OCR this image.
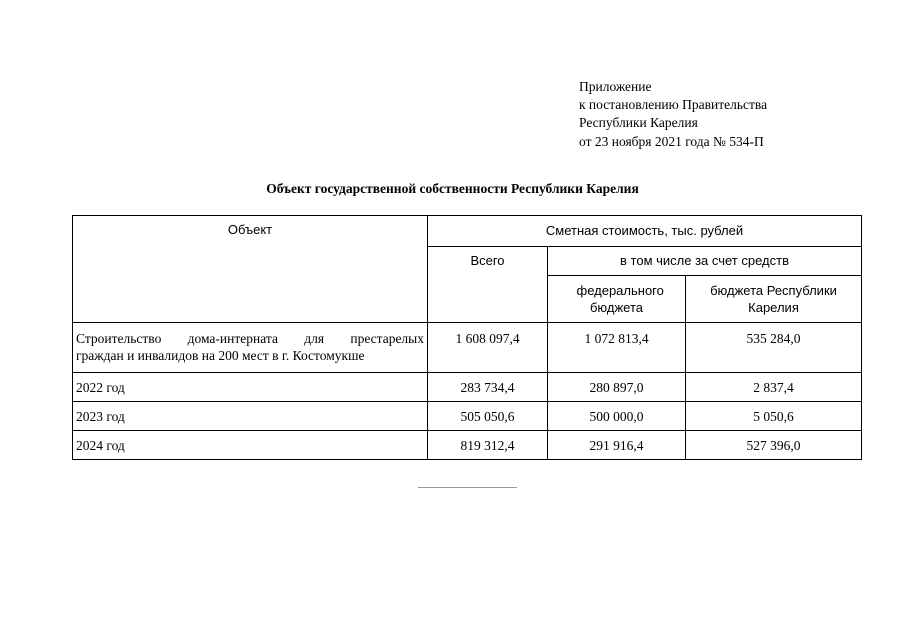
Приложение
к постановлению Правительства
Республики Карелия
от 23 ноября 2021 года № 534-П
Объект государственной собственности Республики Карелия
Объект	Сметная стоимость, тыс. рублей		
	Всего	в том числе за счет средств	

		федерального бюджета	бюджета Республики Карелия

Строительство дома-интерната для престарелых
граждан и инвалидов на 200 мест в г. Костомукше	1 608 097,4	1 072 813,4	535 284,0
2022 год	283 734,4	280 897,0	2 837,4
2023 год	505 050,6	500 000,0	5 050,6
2024 год	819 312,4	291 916,4	527 396,0
